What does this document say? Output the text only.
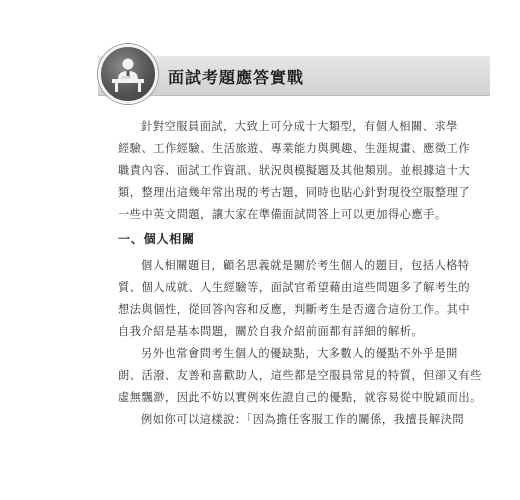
面試考題應答實戰
針對空服員面試，大致上可分成十大類型，有個人相關、求學
經驗、工作經驗、生活旅遊、專業能力與興趣、生涯規畫、應徵工作
職責內容、面試工作資訊、狀況與模擬題及其他類別。並根據這十大
類，整理出這幾年常出現的考古題，同時也貼心針對現役空服整理了
一些中英文問題，讓大家在準備面試問答上可以更加得心應手。
一、個人相關
個人相關題目，顧名思義就是關於考生個人的題目，包括人格特
質、個人成就、人生經驗等，面試官希望藉由這些問題多了解考生的
想法與個性，從回答內容和反應，判斷考生是否適合這份工作。其中
自我介紹是基本問題，關於自我介紹前面都有詳細的解析。
另外也常會問考生個人的優缺點，大多數人的優點不外乎是開
朗、活潑、友善和喜歡助人，這些都是空服員常見的特質，但卻又有些
虛無飄渺，因此不妨以實例來佐證自己的優點，就容易從中脫穎而出。
例如你可以這樣說：「因為擔任客服工作的關係，我擅長解決問
